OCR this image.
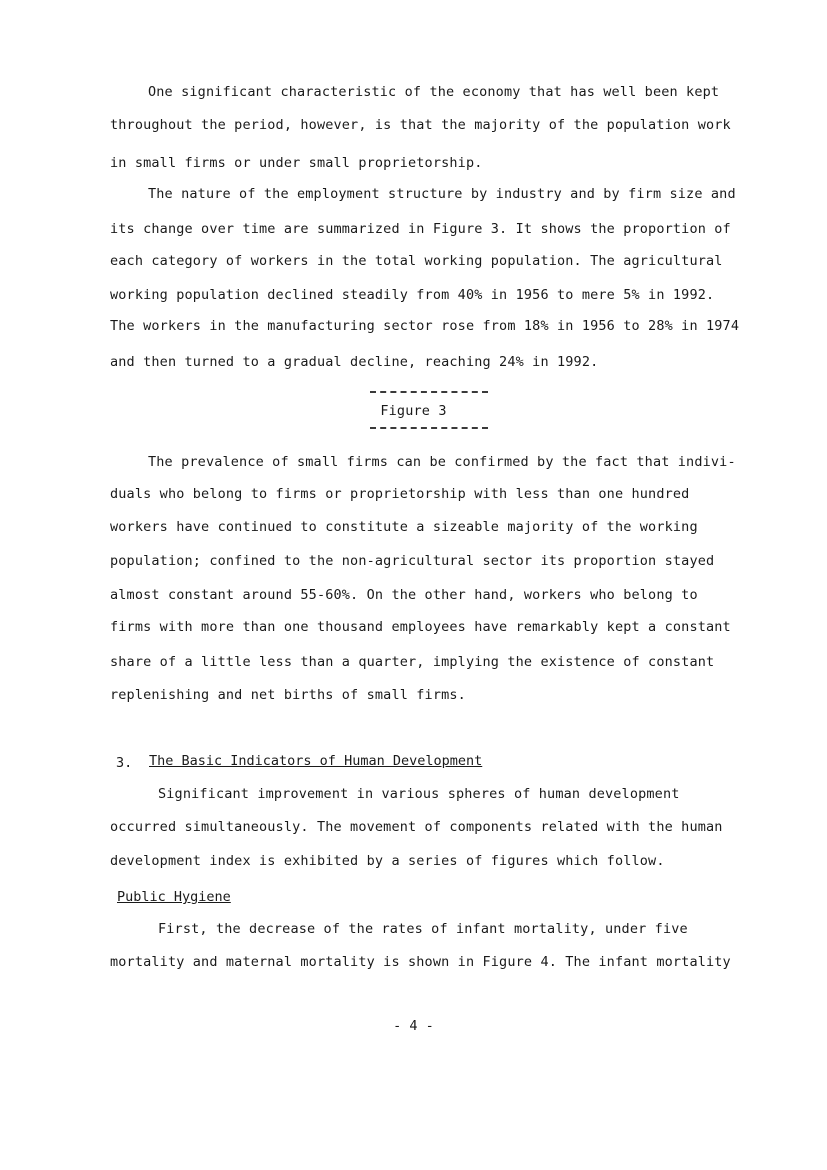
One significant characteristic of the economy that has well been kept
throughout the period, however, is that the majority of the population work
in small firms or under small proprietorship.
The nature of the employment structure by industry and by firm size and
its change over time are summarized in Figure 3. It shows the proportion of
each category of workers in the total working population. The agricultural
working population declined steadily from 40% in 1956 to mere 5% in 1992.
The workers in the manufacturing sector rose from 18% in 1956 to 28% in 1974
and then turned to a gradual decline, reaching 24% in 1992.
Figure 3
The prevalence of small firms can be confirmed by the fact that indivi-
duals who belong to firms or proprietorship with less than one hundred
workers have continued to constitute a sizeable majority of the working
population; confined to the non-agricultural sector its proportion stayed
almost constant around 55-60%. On the other hand, workers who belong to
firms with more than one thousand employees have remarkably kept a constant
share of a little less than a quarter, implying the existence of constant
replenishing and net births of small firms.
3. The Basic Indicators of Human Development
Significant improvement in various spheres of human development
occurred simultaneously. The movement of components related with the human
development index is exhibited by a series of figures which follow.
Public Hygiene
First, the decrease of the rates of infant mortality, under five
mortality and maternal mortality is shown in Figure 4. The infant mortality
- 4 -
